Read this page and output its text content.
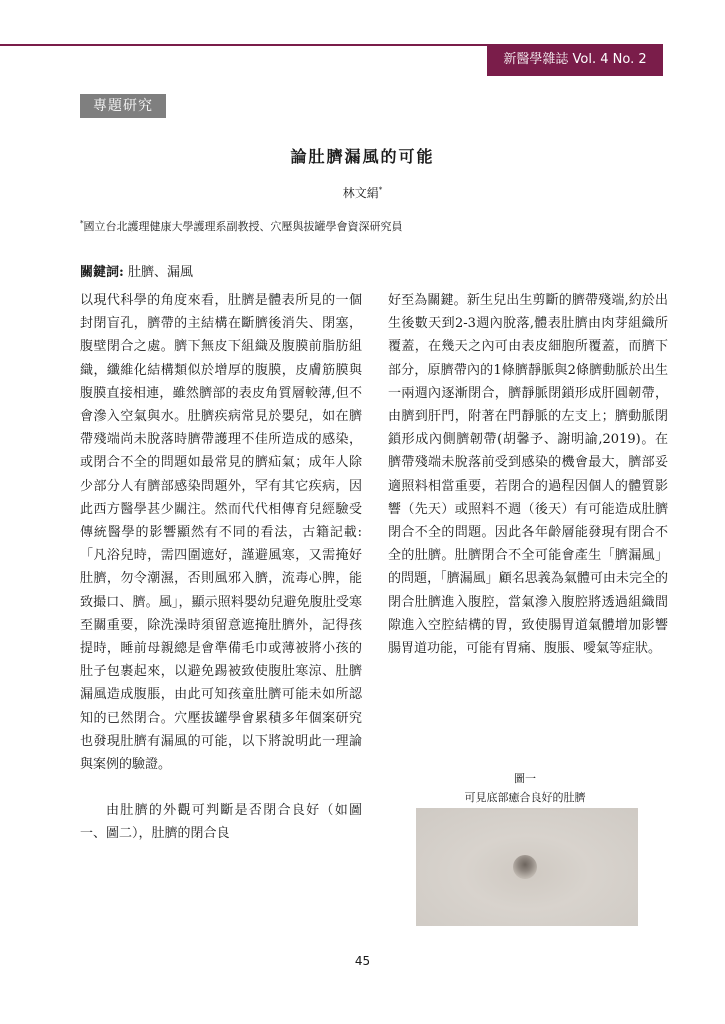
新醫學雜誌 Vol. 4 No. 2
專題研究
論肚臍漏風的可能
林文絹*
*國立台北護理健康大學護理系副教授、穴壓與拔罐學會資深研究員
關鍵詞: 肚臍、漏風

以現代科學的角度來看，肚臍是體表所見的一個封閉盲孔，臍帶的主結構在斷臍後消失、閉塞，腹壁閉合之處。臍下無皮下組織及腹膜前脂肪組織，纖維化結構類似於增厚的腹膜，皮膚筋膜與腹膜直接相連，雖然臍部的表皮角質層較薄,但不會滲入空氣與水。肚臍疾病常見於嬰兒，如在臍帶殘端尚未脫落時臍帶護理不佳所造成的感染，或閉合不全的問題如最常見的臍疝氣；成年人除少部分人有臍部感染問題外，罕有其它疾病，因此西方醫學甚少關注。然而代代相傳育兒經驗受傳統醫學的影響顯然有不同的看法，古籍記載:「凡浴兒時，需四圍遮好，謹避風寒，又需掩好肚臍，勿令潮濕，否則風邪入臍，流毒心脾，能致撮口、臍。風」，顯示照料嬰幼兒避免腹肚受寒至關重要，除洗澡時須留意遮掩肚臍外，記得孩提時，睡前母親總是會準備毛巾或薄被將小孩的肚子包裹起來，以避免踢被致使腹肚寒涼、肚臍漏風造成腹脹，由此可知孩童肚臍可能未如所認知的已然閉合。穴壓拔罐學會累積多年個案研究也發現肚臍有漏風的可能，以下將說明此一理論與案例的驗證。

由肚臍的外觀可判斷是否閉合良好（如圖一、圖二），肚臍的閉合良

好至為關鍵。新生兒出生剪斷的臍帶殘端,約於出生後數天到2-3週內脫落,體表肚臍由肉芽組織所覆蓋，在幾天之內可由表皮細胞所覆蓋，而臍下部分，原臍帶內的1條臍靜脈與2條臍動脈於出生一兩週內逐漸閉合，臍靜脈閉鎖形成肝圓韌帶，由臍到肝門，附著在門靜脈的左支上；臍動脈閉鎖形成內側臍韌帶(胡馨予、謝明諭,2019)。在臍帶殘端未脫落前受到感染的機會最大，臍部妥適照料相當重要，若閉合的過程因個人的體質影響（先天）或照料不週（後天）有可能造成肚臍閉合不全的問題。因此各年齡層能發現有閉合不全的肚臍。肚臍閉合不全可能會產生「臍漏風」的問題，「臍漏風」顧名思義為氣體可由未完全的閉合肚臍進入腹腔，當氣滲入腹腔將透過組織間隙進入空腔結構的胃，致使腸胃道氣體增加影響腸胃道功能，可能有胃痛、腹脹、噯氣等症狀。

圖一
可見底部癒合良好的肚臍
45
